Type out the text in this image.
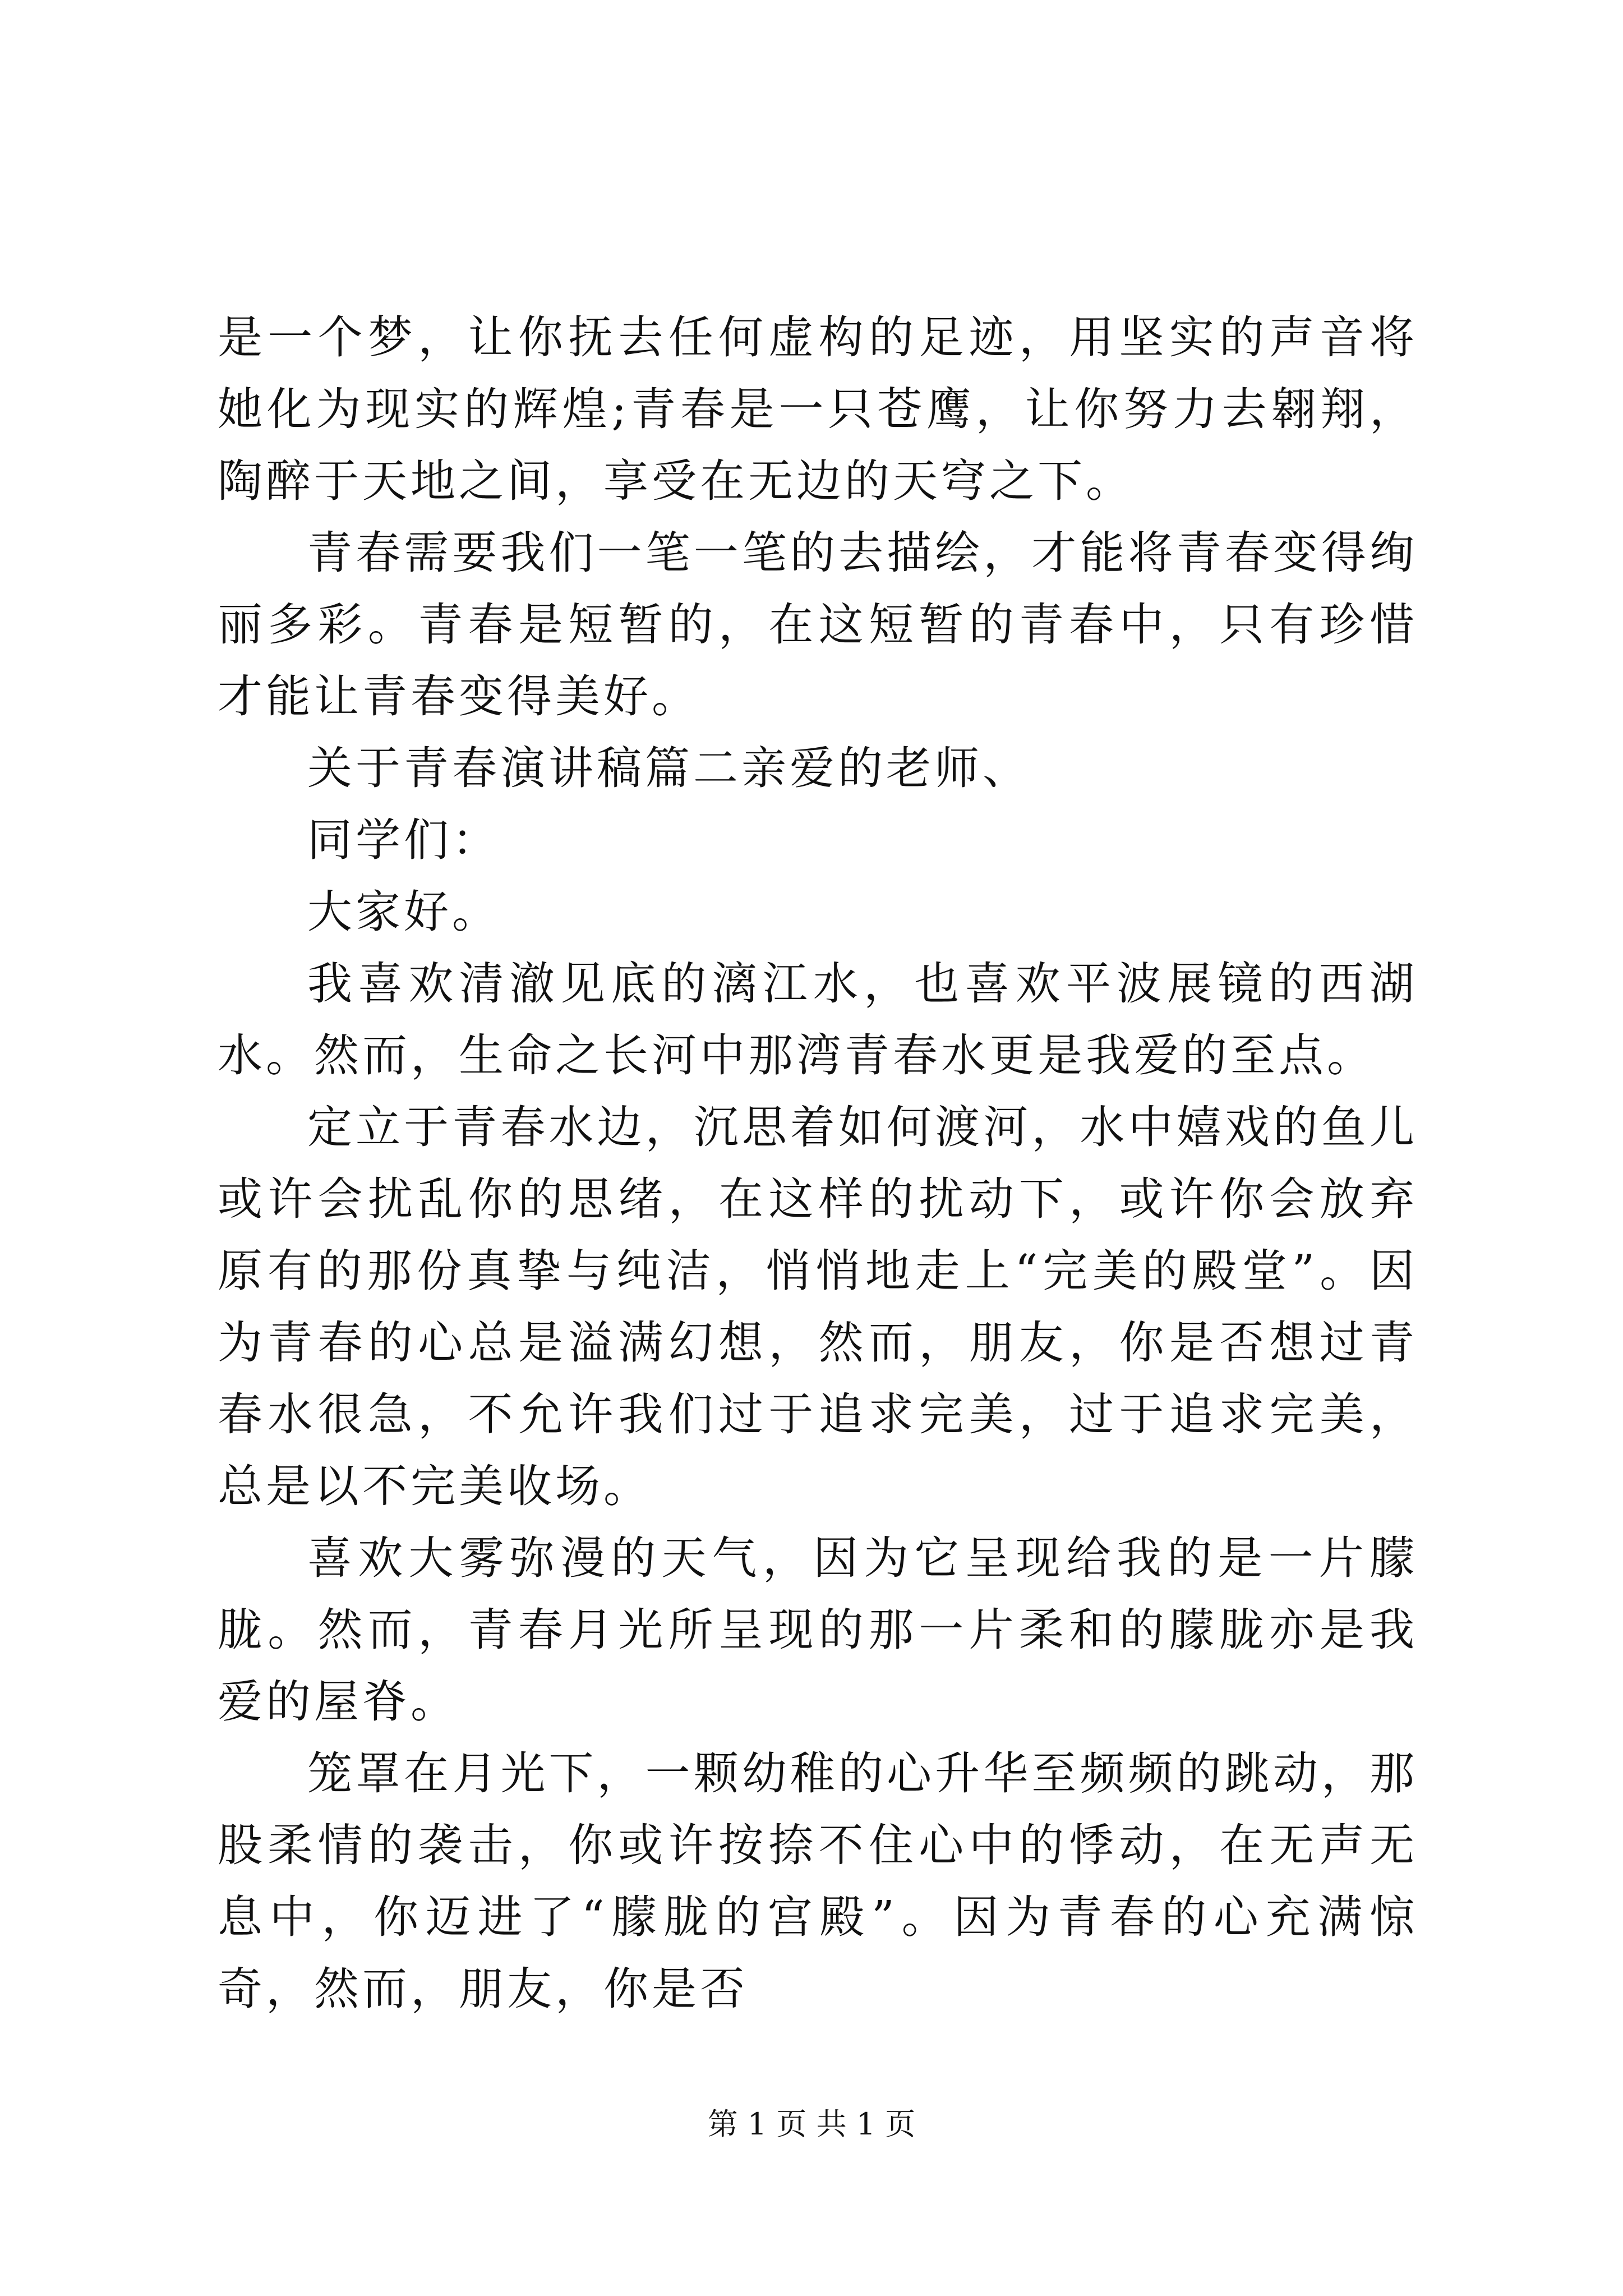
是一个梦，让你抚去任何虚构的足迹，用坚实的声音将她化为现实的辉煌;青春是一只苍鹰，让你努力去翱翔，陶醉于天地之间，享受在无边的天穹之下。

青春需要我们一笔一笔的去描绘，才能将青春变得绚丽多彩。青春是短暂的，在这短暂的青春中，只有珍惜才能让青春变得美好。

关于青春演讲稿篇二亲爱的老师、

同学们：

大家好。

我喜欢清澈见底的漓江水，也喜欢平波展镜的西湖水。然而，生命之长河中那湾青春水更是我爱的至点。

定立于青春水边，沉思着如何渡河，水中嬉戏的鱼儿或许会扰乱你的思绪，在这样的扰动下，或许你会放弃原有的那份真挚与纯洁，悄悄地走上“完美的殿堂”。因为青春的心总是溢满幻想，然而，朋友，你是否想过青春水很急，不允许我们过于追求完美，过于追求完美，总是以不完美收场。

喜欢大雾弥漫的天气，因为它呈现给我的是一片朦胧。然而，青春月光所呈现的那一片柔和的朦胧亦是我爱的屋脊。

笼罩在月光下，一颗幼稚的心升华至频频的跳动，那股柔情的袭击，你或许按捺不住心中的悸动，在无声无息中，你迈进了“朦胧的宫殿”。因为青春的心充满惊奇，然而，朋友，你是否

第 1 页 共 1 页
